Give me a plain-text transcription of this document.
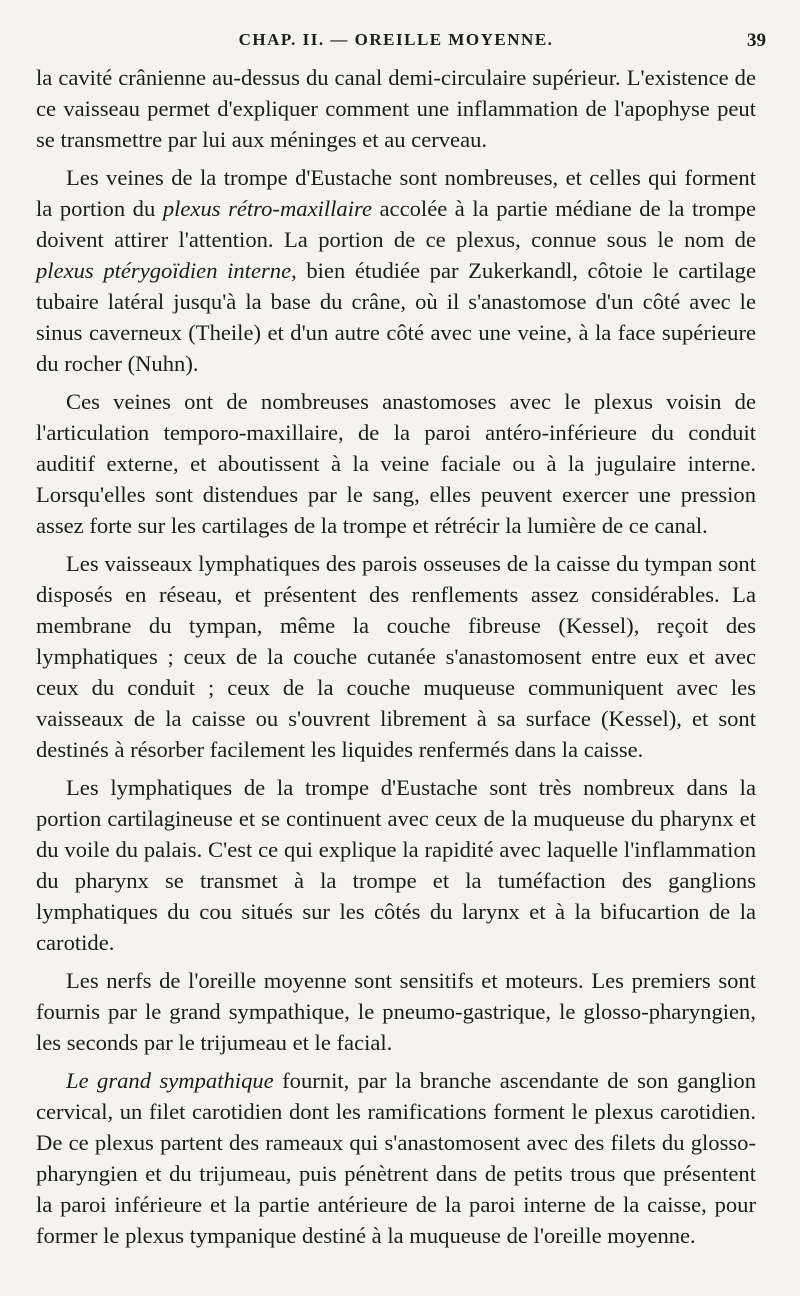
CHAP. II. — OREILLE MOYENNE.	39

la cavité crânienne au-dessus du canal demi-circulaire supérieur. L'existence de ce vaisseau permet d'expliquer comment une inflammation de l'apophyse peut se transmettre par lui aux méninges et au cerveau.

Les veines de la trompe d'Eustache sont nombreuses, et celles qui forment la portion du plexus rétro-maxillaire accolée à la partie médiane de la trompe doivent attirer l'attention. La portion de ce plexus, connue sous le nom de plexus ptérygoïdien interne, bien étudiée par Zukerkandl, côtoie le cartilage tubaire latéral jusqu'à la base du crâne, où il s'anastomose d'un côté avec le sinus caverneux (Theile) et d'un autre côté avec une veine, à la face supérieure du rocher (Nuhn).

Ces veines ont de nombreuses anastomoses avec le plexus voisin de l'articulation temporo-maxillaire, de la paroi antéro-inférieure du conduit auditif externe, et aboutissent à la veine faciale ou à la jugulaire interne. Lorsqu'elles sont distendues par le sang, elles peuvent exercer une pression assez forte sur les cartilages de la trompe et rétrécir la lumière de ce canal.

Les vaisseaux lymphatiques des parois osseuses de la caisse du tympan sont disposés en réseau, et présentent des renflements assez considérables. La membrane du tympan, même la couche fibreuse (Kessel), reçoit des lymphatiques ; ceux de la couche cutanée s'anastomosent entre eux et avec ceux du conduit ; ceux de la couche muqueuse communiquent avec les vaisseaux de la caisse ou s'ouvrent librement à sa surface (Kessel), et sont destinés à résorber facilement les liquides renfermés dans la caisse.

Les lymphatiques de la trompe d'Eustache sont très nombreux dans la portion cartilagineuse et se continuent avec ceux de la muqueuse du pharynx et du voile du palais. C'est ce qui explique la rapidité avec laquelle l'inflammation du pharynx se transmet à la trompe et la tuméfaction des ganglions lymphatiques du cou situés sur les côtés du larynx et à la bifucartion de la carotide.

Les nerfs de l'oreille moyenne sont sensitifs et moteurs. Les premiers sont fournis par le grand sympathique, le pneumo-gastrique, le glosso-pharyngien, les seconds par le trijumeau et le facial.

Le grand sympathique fournit, par la branche ascendante de son ganglion cervical, un filet carotidien dont les ramifications forment le plexus carotidien. De ce plexus partent des rameaux qui s'anastomosent avec des filets du glosso-pharyngien et du trijumeau, puis pénètrent dans de petits trous que présentent la paroi inférieure et la partie antérieure de la paroi interne de la caisse, pour former le plexus tympanique destiné à la muqueuse de l'oreille moyenne.
